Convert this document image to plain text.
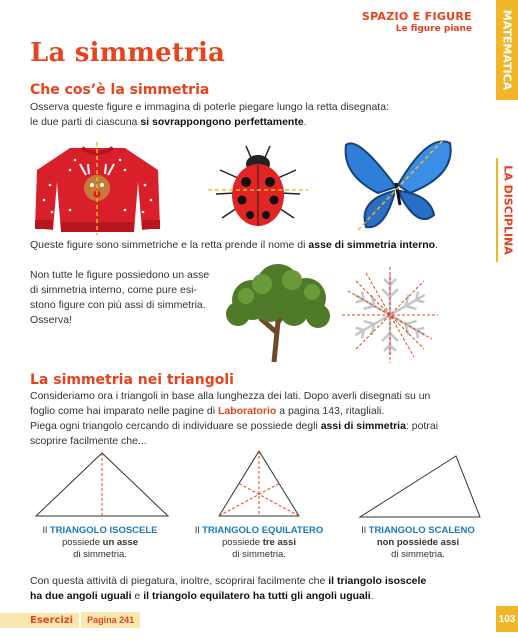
SPAZIO E FIGURE
Le figure piane	MATEMATICA
LA DISCIPLINA
La simmetria
Che cos’è la simmetria
Osserva queste figure e immagina di poterle piegare lungo la retta disegnata:
le due parti di ciascuna si sovrappongono perfettamente.
Queste figure sono simmetriche e la retta prende il nome di asse di simmetria interno.
Non tutte le figure possiedono un asse
di simmetria interno, come pure esi-
stono figure con più assi di simmetria.
Osserva!
La simmetria nei triangoli
Consideriamo ora i triangoli in base alla lunghezza dei lati. Dopo averli disegnati su un
foglio come hai imparato nelle pagine di Laboratorio a pagina 143, ritagliali.
Piega ogni triangolo cercando di individuare se possiede degli assi di simmetria: potrai
scoprire facilmente che...
Il TRIANGOLO ISOSCELE
possiede un asse
di simmetria.
Il TRIANGOLO EQUILATERO
possiede tre assi
di simmetria.
Il TRIANGOLO SCALENO
non possiede assi
di simmetria.
Con questa attività di piegatura, inoltre, scoprirai facilmente che il triangolo isoscele
ha due angoli uguali e il triangolo equilatero ha tutti gli angoli uguali.
Esercizi	Pagina 241	103
